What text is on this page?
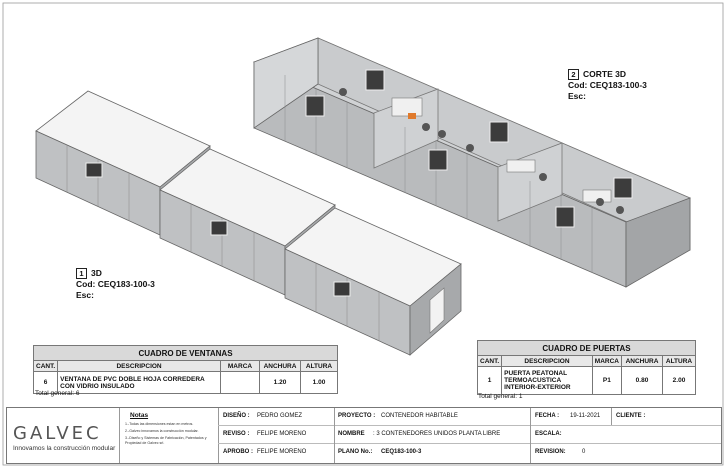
2 CORTE 3D
Cod: CEQ183-100-3
Esc:
1 3D
Cod: CEQ183-100-3
Esc:
CUADRO DE VENTANAS				
CANT.	DESCRIPCION	MARCA	ANCHURA	ALTURA
6	VENTANA DE PVC DOBLE HOJA CORREDERA CON VIDRIO INSULADO		1.20	1.00
Total general: 6
CUADRO DE PUERTAS				
CANT.	DESCRIPCION	MARCA	ANCHURA	ALTURA
1	PUERTA PEATONAL TERMOACUSTICA INTERIOR-EXTERIOR	P1	0.80	2.00
Total general: 1
GALVEC
Innovamos la construcción modular
Notas
1.-Todas las dimensiones estan en metros.
2.-Galvec innovamos la construcción modular.
3.-Diseño y Sistemas de Fabricación, Patentados y Propiedad de Galvec srl.
DISEÑO : PEDRO GOMEZ
REVISO : FELIPE MORENO
APROBO : FELIPE MORENO
PROYECTO : CONTENEDOR HABITABLE
NOMBRE : 3 CONTENEDORES UNIDOS PLANTA LIBRE
PLANO No.: CEQ183-100-3
FECHA : 19-11-2021
ESCALA:
REVISION:	0
CLIENTE :
